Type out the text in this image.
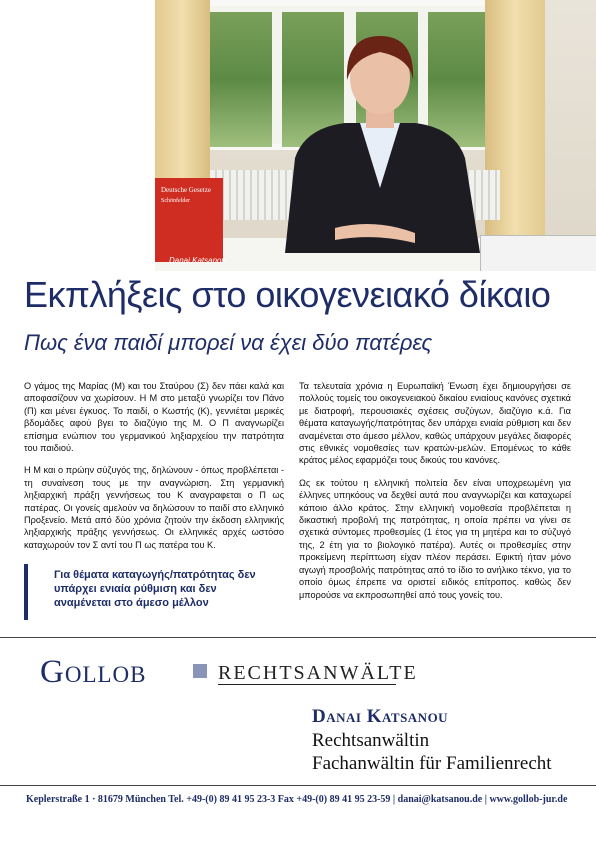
Deutsche Gesetze
Schönfelder
Danai Katsanou
Εκπλήξεις στο οικογενειακό δίκαιο
Πως ένα παιδί μπορεί να έχει δύο πατέρες

Ο γάμος της Μαρίας (Μ) και του Σταύρου (Σ) δεν πάει καλά και αποφασίζουν να χωρίσουν. Η Μ στο μεταξύ γνωρίζει τον Πάνο (Π) και μένει έγκυος. Το παιδί, ο Κωστής (Κ), γεννιέται μερικές βδομάδες αφού βγει το διαζύγιο της Μ. Ο Π αναγνωρίζει επίσημα ενώπιον του γερμανικού ληξιαρχείου την πατρότητα του παιδιού.

Η Μ και ο πρώην σύζυγός της, δηλώνουν - όπως προβλέπεται - τη συναίνεση τους με την αναγνώριση. Στη γερμανική ληξιαρχική πράξη γεννήσεως του Κ αναγραφεται ο Π ως πατέρας. Οι γονείς αμελούν να δηλώσουν το παιδί στο ελληνικό Προξενείο. Μετά από δύο χρόνια ζητούν την έκδοση ελληνικής ληξιαρχικής πράξης γεννήσεως. Οι ελληνικές αρχές ωστόσο καταχωρούν τον Σ αντί του Π ως πατέρα του Κ.

Για θέματα καταγωγής/πατρότητας δεν υπάρχει ενιαία ρύθμιση και δεν αναμένεται στο άμεσο μέλλον

Τα τελευταία χρόνια η Ευρωπαϊκή Ένωση έχει δημιουργήσει σε πολλούς τομείς του οικογενειακού δικαίου ενιαίους κανόνες σχετικά με διατροφή, περουσιακές σχέσεις συζύγων, διαζύγιο κ.ά. Για θέματα καταγωγής/πατρότητας δεν υπάρχει ενιαία ρύθμιση και δεν αναμένεται στο άμεσο μέλλον, καθώς υπάρχουν μεγάλες διαφορές στις εθνικές νομοθεσίες των κρατών-μελών. Επομένως το κάθε κράτος μέλος εφαρμόζει τους δικούς του κανόνες.

Ως εκ τούτου η ελληνική πολιτεία δεν είναι υποχρεωμένη για έλληνες υπηκόους να δεχθεί αυτά που αναγνωρίζει και καταχωρεί κάποιο άλλο κράτος. Στην ελληνική νομοθεσία προβλέπεται η δικαστική προβολή της πατρότητας, η οποία πρέπει να γίνει σε σχετικά σύντομες προθεσμίες (1 έτος για τη μητέρα και το σύζυγό της, 2 έτη για το βιολογικό πατέρα). Αυτές οι προθεσμίες στην προκείμενη περίπτωση είχαν πλέον περάσει. Εφικτή ήταν μόνο αγωγή προσβολής πατρότητας από το ίδιο το ανήλικο τέκνο, για το οποίο όμως έπρεπε να οριστεί ειδικός επίτροπος. καθώς δεν μπορούσε να εκπροσωπηθεί από τους γονείς του.

Gollob	RECHTSANWÄLTE
Danai Katsanou
Rechtsanwältin
Fachanwältin für Familienrecht
Keplerstraße 1 · 81679 München Tel. +49-(0) 89 41 95 23-3 Fax +49-(0) 89 41 95 23-59 | danai@katsanou.de | www.gollob-jur.de
